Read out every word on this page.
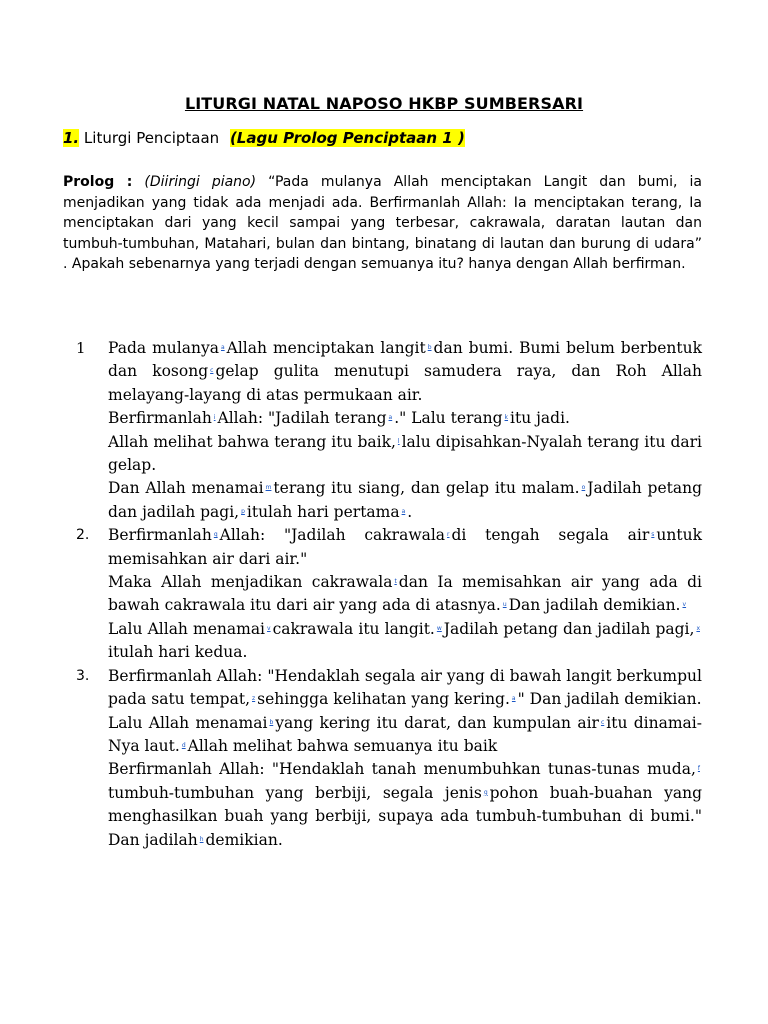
LITURGI NATAL NAPOSO HKBP SUMBERSARI
1. Liturgi Penciptaan (Lagu Prolog Penciptaan 1 )
Prolog : (Diiringi piano) “Pada mulanya Allah menciptakan Langit dan bumi, ia menjadikan yang tidak ada menjadi ada. Berfirmanlah Allah: Ia menciptakan terang, Ia menciptakan dari yang kecil sampai yang terbesar, cakrawala, daratan lautan dan tumbuh-tumbuhan, Matahari, bulan dan bintang, binatang di lautan dan burung di udara” . Apakah sebenarnya yang terjadi dengan semuanya itu? hanya dengan Allah berfirman.
1	Pada mulanya a Allah menciptakan langit b dan bumi. Bumi belum berbentuk dan kosong c gelap gulita menutupi samudera raya, dan Roh Allah melayang-layang di atas permukaan air.

Berfirmanlah i Allah: "Jadilah terang a ." Lalu terang k itu jadi.

Allah melihat bahwa terang itu baik, l lalu dipisahkan-Nyalah terang itu dari gelap.

Dan Allah menamai m terang itu siang, dan gelap itu malam. o Jadilah petang dan jadilah pagi, p itulah hari pertama a .

2.	Berfirmanlah q Allah: "Jadilah cakrawala r di tengah segala air s untuk memisahkan air dari air."

Maka Allah menjadikan cakrawala t dan Ia memisahkan air yang ada di bawah cakrawala itu dari air yang ada di atasnya. u Dan jadilah demikian. v

Lalu Allah menamai v cakrawala itu langit. w Jadilah petang dan jadilah pagi, xitulah hari kedua.

3.	Berfirmanlah Allah: "Hendaklah segala air yang di bawah langit berkumpul pada satu tempat, z sehingga kelihatan yang kering. a " Dan jadilah demikian.

Lalu Allah menamai b yang kering itu darat, dan kumpulan air c itu dinamai-Nya laut. d Allah melihat bahwa semuanya itu baik

Berfirmanlah Allah: "Hendaklah tanah menumbuhkan tunas-tunas muda, ftumbuh-tumbuhan yang berbiji, segala jenis g pohon buah-buahan yang menghasilkan buah yang berbiji, supaya ada tumbuh-tumbuhan di bumi." Dan jadilah h demikian.
